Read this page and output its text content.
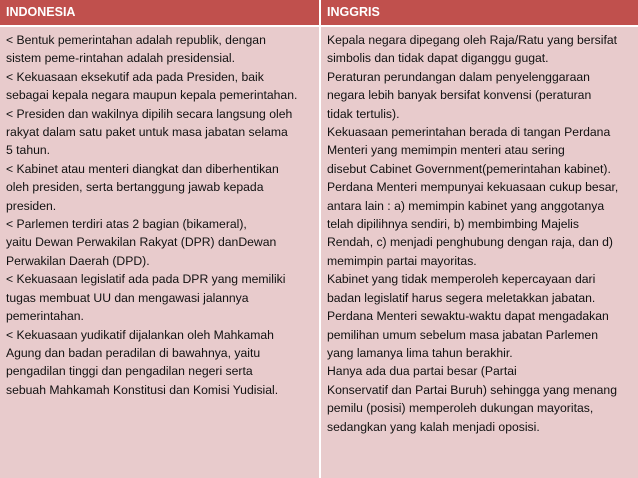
INDONESIA	INGGRIS
< Bentuk pemerintahan adalah republik, dengan
sistem peme-rintahan adalah presidensial.
< Kekuasaan eksekutif ada pada Presiden, baik
sebagai kepala negara maupun kepala pemerintahan.
< Presiden dan wakilnya dipilih secara langsung oleh
rakyat dalam satu paket untuk masa jabatan selama
5 tahun.
< Kabinet atau menteri diangkat dan diberhentikan
oleh presiden, serta bertanggung jawab kepada
presiden.
< Parlemen terdiri atas 2 bagian (bikameral),
yaitu Dewan Perwakilan Rakyat (DPR) danDewan
Perwakilan Daerah (DPD).
< Kekuasaan legislatif ada pada DPR yang memiliki
tugas membuat UU dan mengawasi jalannya
pemerintahan.
< Kekuasaan yudikatif dijalankan oleh Mahkamah
Agung dan badan peradilan di bawahnya, yaitu
pengadilan tinggi dan pengadilan negeri serta
sebuah Mahkamah Konstitusi dan Komisi Yudisial.
Kepala negara dipegang oleh Raja/Ratu yang bersifat
simbolis dan tidak dapat diganggu gugat.
Peraturan perundangan dalam penyelenggaraan
negara lebih banyak bersifat konvensi (peraturan
tidak tertulis).
Kekuasaan pemerintahan berada di tangan Perdana
Menteri yang memimpin menteri atau sering
disebut Cabinet Government(pemerintahan kabinet).
Perdana Menteri mempunyai kekuasaan cukup besar,
antara lain : a) memimpin kabinet yang anggotanya
telah dipilihnya sendiri, b) membimbing Majelis
Rendah, c) menjadi penghubung dengan raja, dan d)
memimpin partai mayoritas.
Kabinet yang tidak memperoleh kepercayaan dari
badan legislatif harus segera meletakkan jabatan.
Perdana Menteri sewaktu-waktu dapat mengadakan
pemilihan umum sebelum masa jabatan Parlemen
yang lamanya lima tahun berakhir.
Hanya ada dua partai besar (Partai
Konservatif dan Partai Buruh) sehingga yang menang
pemilu (posisi) memperoleh dukungan mayoritas,
sedangkan yang kalah menjadi oposisi.
